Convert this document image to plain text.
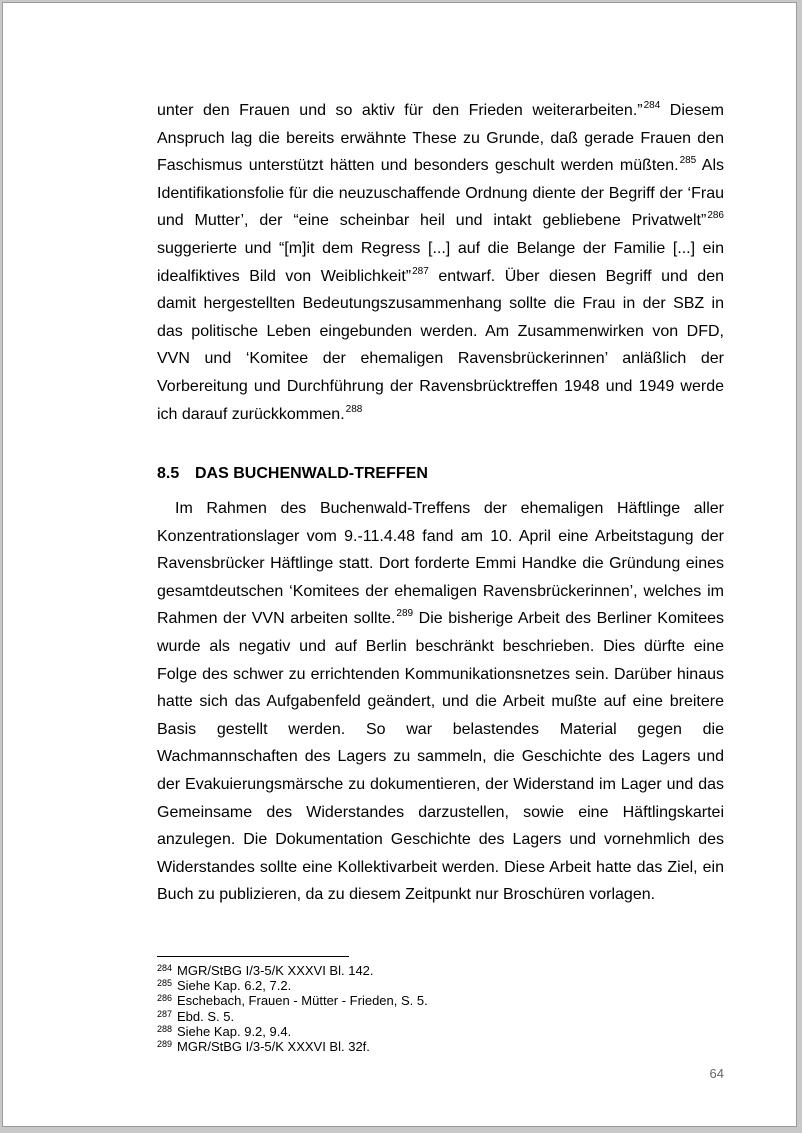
unter den Frauen und so aktiv für den Frieden weiterarbeiten.”$^{284}$ Diesem
Anspruch lag die bereits erwähnte These zu Grunde, daß gerade Frauen den
Faschismus unterstützt hätten und besonders geschult werden müßten.$^{285}$ Als
Identifikationsfolie für die neuzuschaffende Ordnung diente der Begriff der ‘Frau
und Mutter’, der “eine scheinbar heil und intakt gebliebene Privatwelt”$^{286}$
suggerierte und “[m]it dem Regress [...] auf die Belange der Familie [...] ein
idealfiktives Bild von Weiblichkeit”$^{287}$ entwarf. Über diesen Begriff und den
damit hergestellten Bedeutungszusammenhang sollte die Frau in der SBZ in
das politische Leben eingebunden werden. Am Zusammenwirken von DFD,
VVN und ‘Komitee der ehemaligen Ravensbrückerinnen’ anläßlich der
Vorbereitung und Durchführung der Ravensbrücktreffen 1948 und 1949 werde
ich darauf zurückkommen.$^{288}$
8.5 DAS BUCHENWALD-TREFFEN
Im Rahmen des Buchenwald-Treffens der ehemaligen Häftlinge aller
Konzentrationslager vom 9.-11.4.48 fand am 10. April eine Arbeitstagung der
Ravensbrücker Häftlinge statt. Dort forderte Emmi Handke die Gründung eines
gesamtdeutschen ‘Komitees der ehemaligen Ravensbrückerinnen’, welches im
Rahmen der VVN arbeiten sollte.$^{289}$ Die bisherige Arbeit des Berliner Komitees
wurde als negativ und auf Berlin beschränkt beschrieben. Dies dürfte eine
Folge des schwer zu errichtenden Kommunikationsnetzes sein. Darüber hinaus
hatte sich das Aufgabenfeld geändert, und die Arbeit mußte auf eine breitere
Basis gestellt werden. So war belastendes Material gegen die
Wachmannschaften des Lagers zu sammeln, die Geschichte des Lagers und
der Evakuierungsmärsche zu dokumentieren, der Widerstand im Lager und das
Gemeinsame des Widerstandes darzustellen, sowie eine Häftlingskartei
anzulegen. Die Dokumentation Geschichte des Lagers und vornehmlich des
Widerstandes sollte eine Kollektivarbeit werden. Diese Arbeit hatte das Ziel, ein
Buch zu publizieren, da zu diesem Zeitpunkt nur Broschüren vorlagen.
284 MGR/StBG I/3-5/K XXXVI Bl. 142.
285 Siehe Kap. 6.2, 7.2.
286 Eschebach, Frauen - Mütter - Frieden, S. 5.
287 Ebd. S. 5.
288 Siehe Kap. 9.2, 9.4.
289 MGR/StBG I/3-5/K XXXVI Bl. 32f.
64
